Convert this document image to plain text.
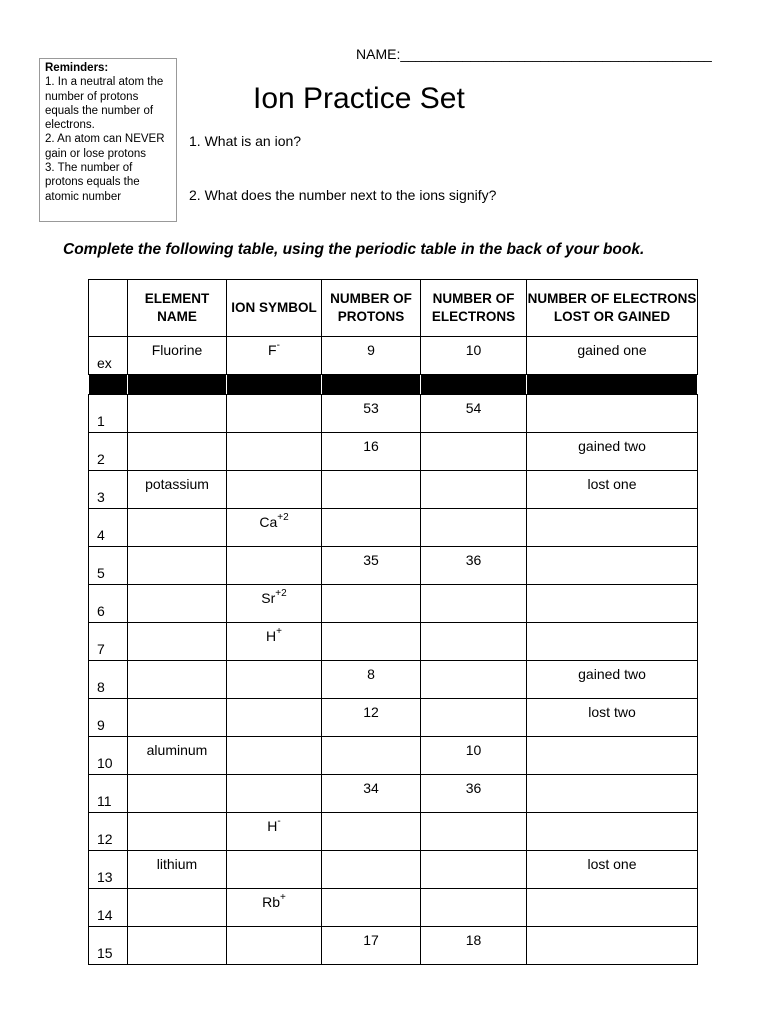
Reminders:
1. In a neutral atom the number of protons equals the number of electrons.
2. An atom can NEVER gain or lose protons
3. The number of protons equals the atomic number
NAME:________________________________________
Ion Practice Set
1. What is an ion?
2. What does the number next to the ions signify?
Complete the following table, using the periodic table in the back of your book.
	ELEMENT NAME	ION SYMBOL	NUMBER OF PROTONS	NUMBER OF ELECTRONS	NUMBER OF ELECTRONS LOST OR GAINED
ex	Fluorine	F-	9	10	gained one

1			53	54	
2			16		gained two
3	potassium				lost one
4		$Ca^{+2}$			
5			35	36	
6		$Sr^{+2}$			
7		H+			
8			8		gained two
9			12		lost two
10	aluminum			10	
11			34	36	
12		H-			
13	lithium				lost one
14		Rb+			
15			17	18	
